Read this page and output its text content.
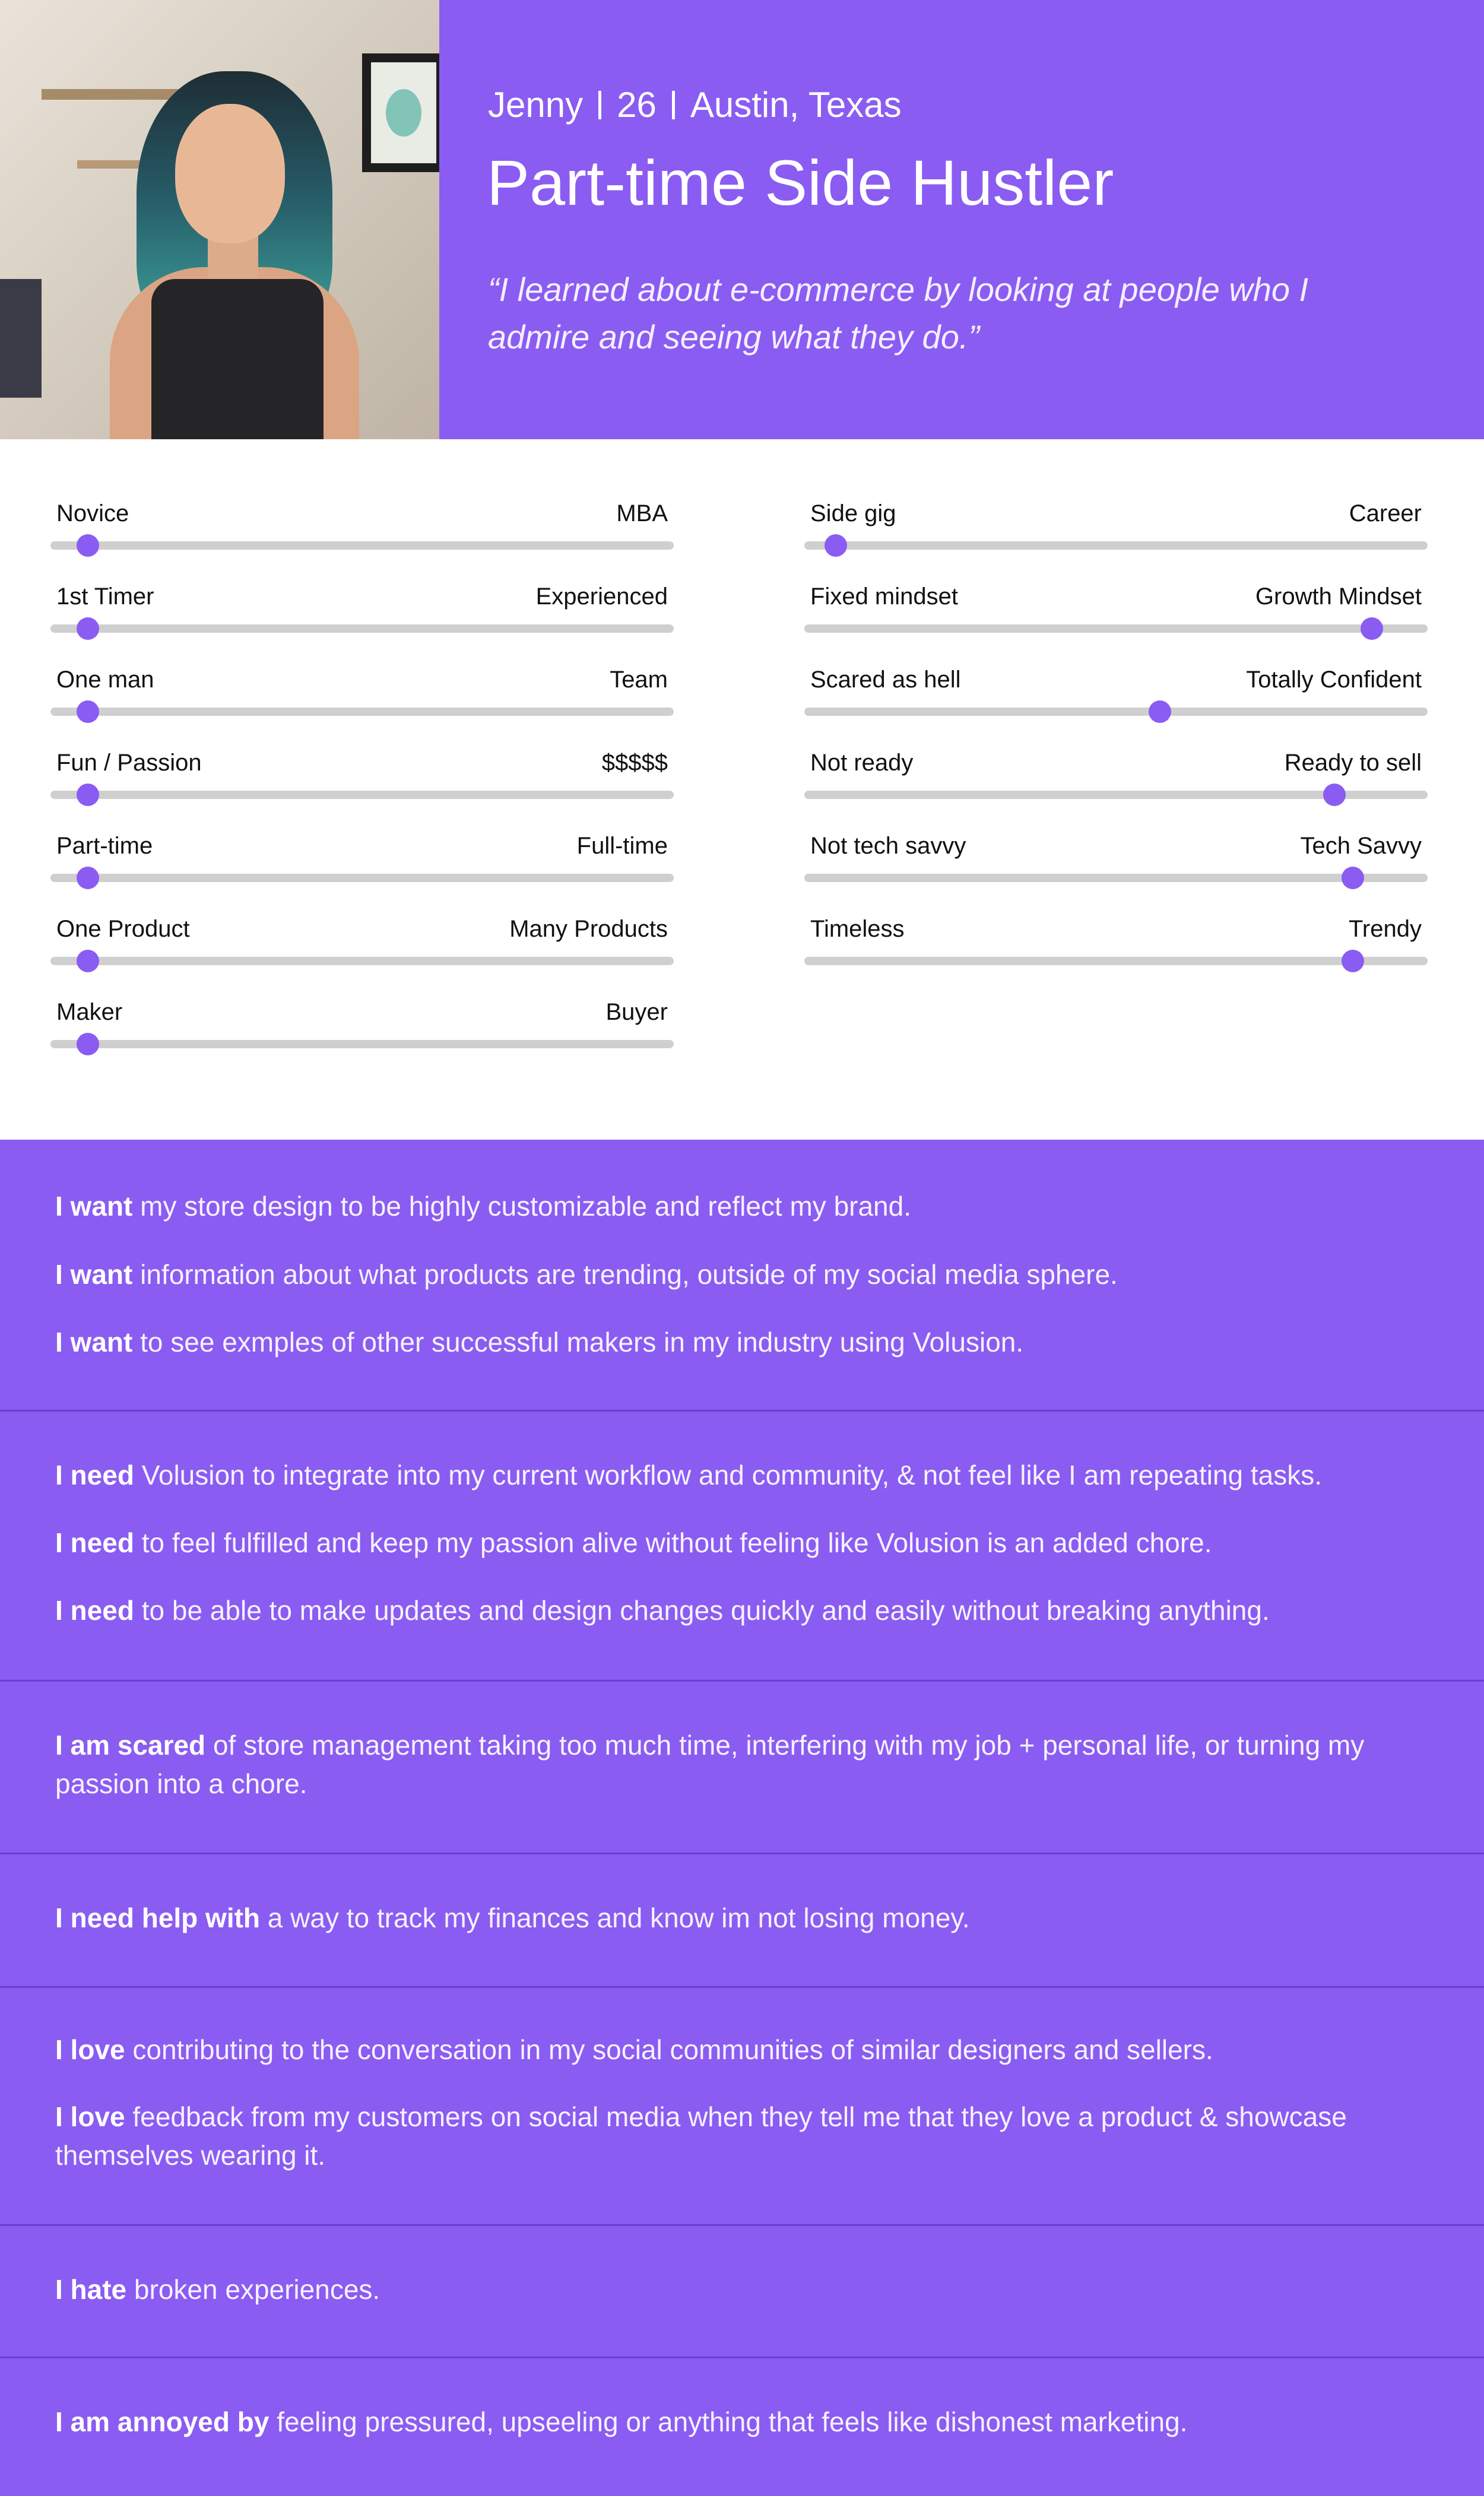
Jenny 26 Austin, Texas
Part-time Side Hustler
“I learned about e-commerce by looking at people who I admire and seeing what they do.”
Novice	MBA
1st Timer	Experienced
One man	Team
Fun / Passion	$$$$$
Part-time	Full-time
One Product	Many Products
Maker	Buyer
Side gig	Career
Fixed mindset	Growth Mindset
Scared as hell	Totally Confident
Not ready	Ready to sell
Not tech savvy	Tech Savvy
Timeless	Trendy
I want my store design to be highly customizable and reflect my brand.
I want information about what products are trending, outside of my social media sphere.
I want to see exmples of other successful makers in my industry using Volusion.
I need Volusion to integrate into my current workflow and community, & not feel like I am repeating tasks.
I need to feel fulfilled and keep my passion alive without feeling like Volusion is an added chore.
I need to be able to make updates and design changes quickly and easily without breaking anything.
I am scared of store management taking too much time, interfering with my job + personal life, or turning my passion into a chore.
I need help with a way to track my finances and know im not losing money.
I love contributing to the conversation in my social communities of similar designers and sellers.
I love feedback from my customers on social media when they tell me that they love a product & showcase themselves wearing it.
I hate broken experiences.
I am annoyed by feeling pressured, upseeling or anything that feels like dishonest marketing.
